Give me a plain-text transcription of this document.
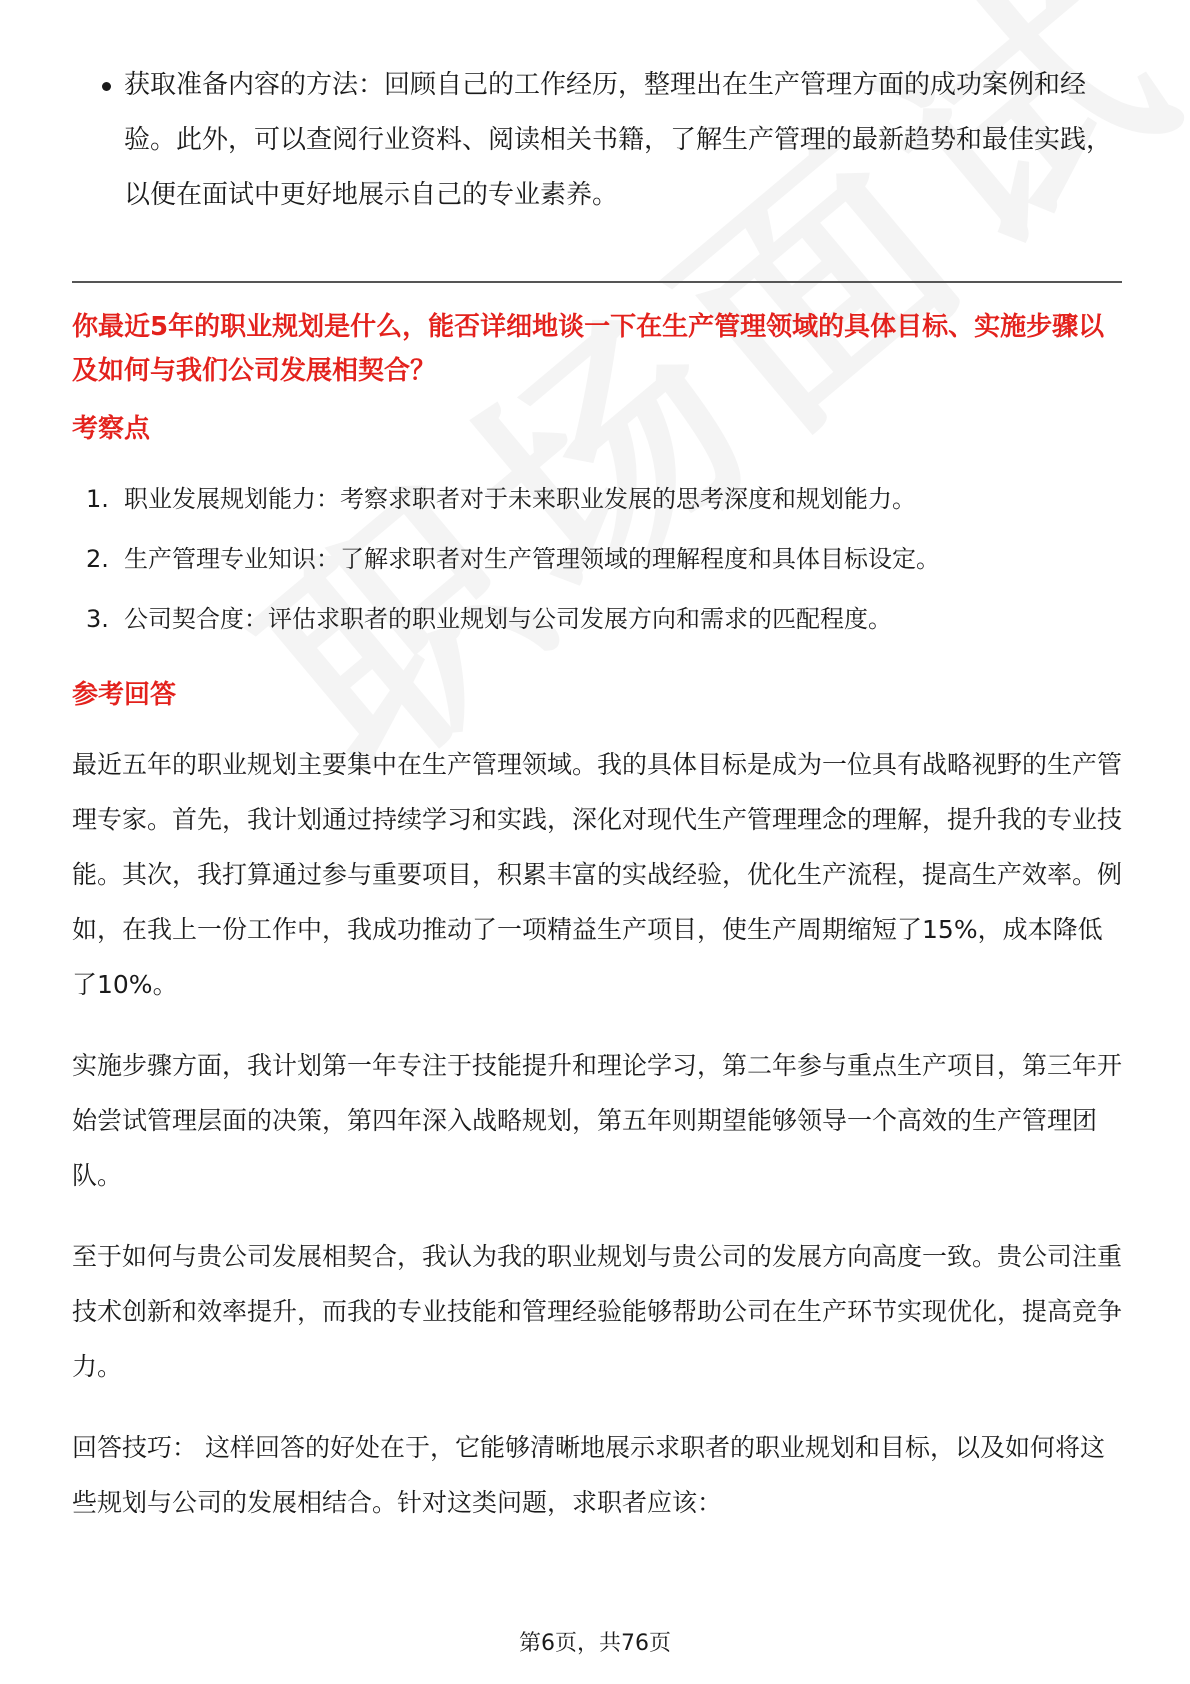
获取准备内容的方法：回顾自己的工作经历，整理出在生产管理方面的成功案例和经验。此外，可以查阅行业资料、阅读相关书籍，了解生产管理的最新趋势和最佳实践，以便在面试中更好地展示自己的专业素养。
你最近5年的职业规划是什么，能否详细地谈一下在生产管理领域的具体目标、实施步骤以及如何与我们公司发展相契合？
考察点
1. 职业发展规划能力：考察求职者对于未来职业发展的思考深度和规划能力。
2. 生产管理专业知识：了解求职者对生产管理领域的理解程度和具体目标设定。
3. 公司契合度：评估求职者的职业规划与公司发展方向和需求的匹配程度。
参考回答
最近五年的职业规划主要集中在生产管理领域。我的具体目标是成为一位具有战略视野的生产管理专家。首先，我计划通过持续学习和实践，深化对现代生产管理理念的理解，提升我的专业技能。其次，我打算通过参与重要项目，积累丰富的实战经验，优化生产流程，提高生产效率。例如，在我上一份工作中，我成功推动了一项精益生产项目，使生产周期缩短了15%，成本降低了10%。
实施步骤方面，我计划第一年专注于技能提升和理论学习，第二年参与重点生产项目，第三年开始尝试管理层面的决策，第四年深入战略规划，第五年则期望能够领导一个高效的生产管理团队。
至于如何与贵公司发展相契合，我认为我的职业规划与贵公司的发展方向高度一致。贵公司注重技术创新和效率提升，而我的专业技能和管理经验能够帮助公司在生产环节实现优化，提高竞争力。
回答技巧： 这样回答的好处在于，它能够清晰地展示求职者的职业规划和目标，以及如何将这些规划与公司的发展相结合。针对这类问题，求职者应该：
第6页，共76页
